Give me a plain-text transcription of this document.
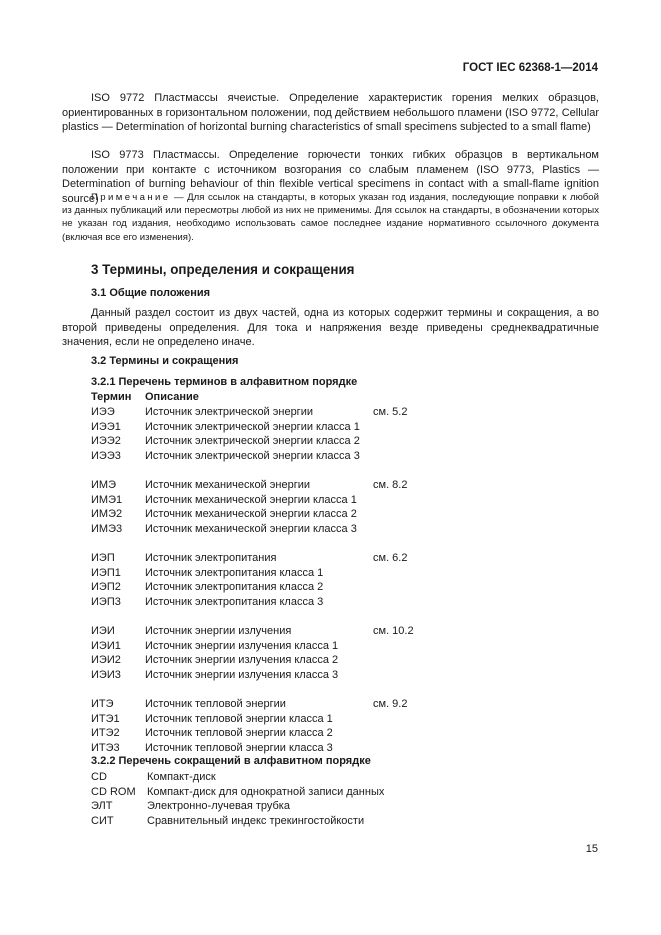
ГОСТ IEC 62368-1—2014
ISO 9772 Пластмассы ячеистые. Определение характеристик горения мелких образцов, ориентированных в горизонтальном положении, под действием небольшого пламени (ISO 9772, Cellular plastics — Determination of horizontal burning characteristics of small specimens subjected to a small flame)
ISO 9773 Пластмассы. Определение горючести тонких гибких образцов в вертикальном положении при контакте с источником возгорания со слабым пламенем (ISO 9773, Plastics — Determination of burning behaviour of thin flexible vertical specimens in contact with a small-flame ignition source)
Примечание — Для ссылок на стандарты, в которых указан год издания, последующие поправки к любой из данных публикаций или пересмотры любой из них не применимы. Для ссылок на стандарты, в обозначении которых не указан год издания, необходимо использовать самое последнее издание нормативного ссылочного документа (включая все его изменения).
3 Термины, определения и сокращения
3.1 Общие положения
Данный раздел состоит из двух частей, одна из которых содержит термины и сокращения, а во второй приведены определения. Для тока и напряжения везде приведены среднеквадратичные значения, если не определено иначе.
3.2 Термины и сокращения
3.2.1 Перечень терминов в алфавитном порядке
Термин Описание
ИЭЭ	Источник электрической энергии	см. 5.2
ИЭЭ1 Источник электрической энергии класса 1
ИЭЭ2 Источник электрической энергии класса 2
ИЭЭ3 Источник электрической энергии класса 3
ИМЭ	Источник механической энергии	см. 8.2
ИМЭ1 Источник механической энергии класса 1
ИМЭ2 Источник механической энергии класса 2
ИМЭ3 Источник механической энергии класса 3
ИЭП	Источник электропитания	см. 6.2
ИЭП1 Источник электропитания класса 1
ИЭП2 Источник электропитания класса 2
ИЭП3 Источник электропитания класса 3
ИЭИ	Источник энергии излучения	см. 10.2
ИЭИ1 Источник энергии излучения класса 1
ИЭИ2 Источник энергии излучения класса 2
ИЭИ3 Источник энергии излучения класса 3
ИТЭ	Источник тепловой энергии	см. 9.2
ИТЭ1 Источник тепловой энергии класса 1
ИТЭ2 Источник тепловой энергии класса 2
ИТЭ3 Источник тепловой энергии класса 3
3.2.2 Перечень сокращений в алфавитном порядке
CD	Компакт-диск
CD ROM Компакт-диск для однократной записи данных
ЭЛТ	Электронно-лучевая трубка
СИТ	Сравнительный индекс трекингостойкости
15
